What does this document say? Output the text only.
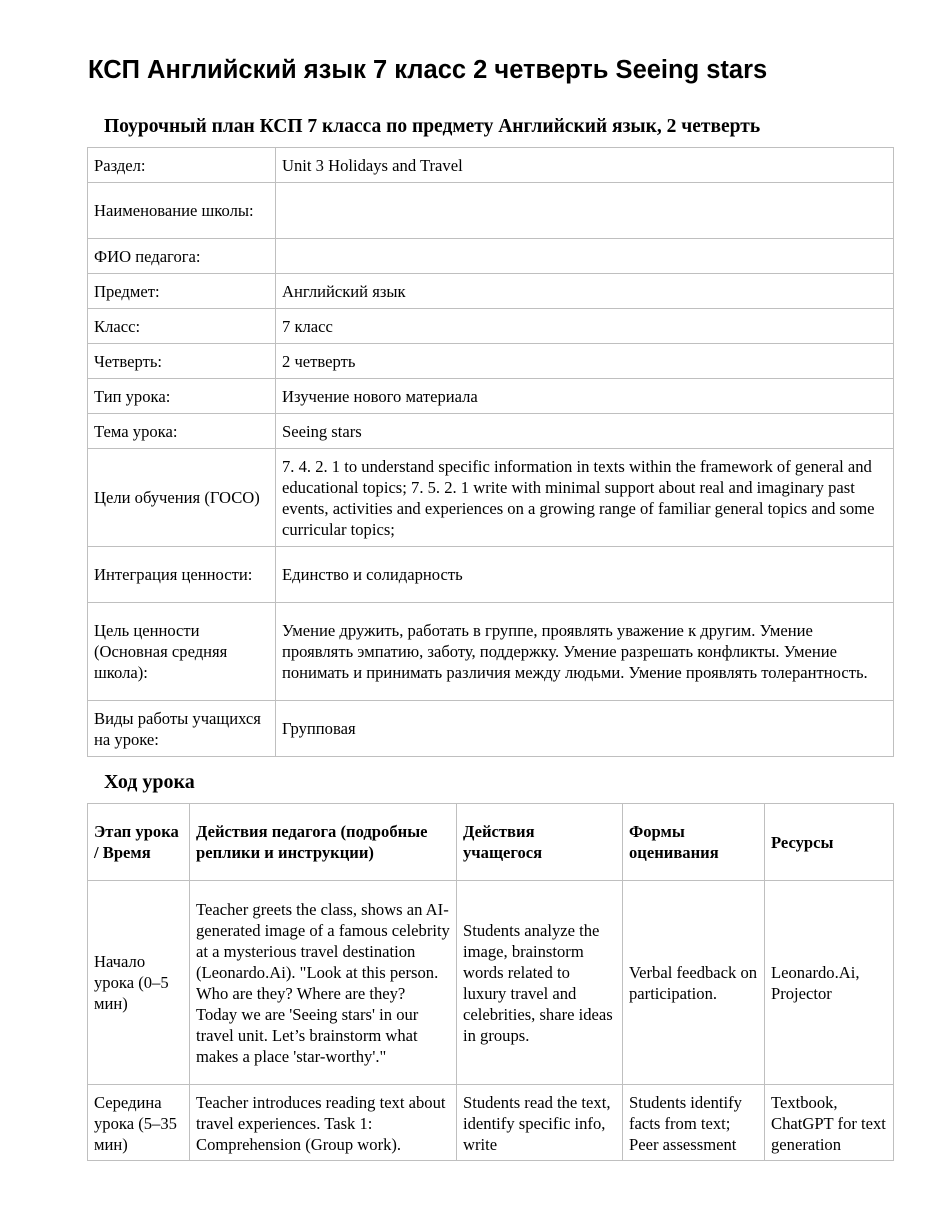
КСП Английский язык 7 класс 2 четверть Seeing stars

Поурочный план КСП 7 класса по предмету Английский язык, 2 четверть

Раздел:	Unit 3 Holidays and Travel
Наименование школы:	
ФИО педагога:	
Предмет:	Английский язык
Класс:	7 класс
Четверть:	2 четверть
Тип урока:	Изучение нового материала
Тема урока:	Seeing stars
Цели обучения (ГОСО)	7. 4. 2. 1 to understand specific information in texts within the framework of general and educational topics; 7. 5. 2. 1 write with minimal support about real and imaginary past events, activities and experiences on a growing range of familiar general topics and some curricular topics;
Интеграция ценности:	Единство и солидарность
Цель ценности (Основная средняя школа):	Умение дружить, работать в группе, проявлять уважение к другим. Умение проявлять эмпатию, заботу, поддержку. Умение разрешать конфликты. Умение понимать и принимать различия между людьми. Умение проявлять толерантность.
Виды работы учащихся на уроке:	Групповая

Ход урока

Этап урока / Время	Действия педагога (подробные реплики и инструкции)	Действия учащегося	Формы оценивания	Ресурсы
Начало урока (0–5 мин)	Teacher greets the class, shows an AI-generated image of a famous celebrity at a mysterious travel destination (Leonardo.Ai). "Look at this person. Who are they? Where are they? Today we are 'Seeing stars' in our travel unit. Let’s brainstorm what makes a place 'star-worthy'."	Students analyze the image, brainstorm words related to luxury travel and celebrities, share ideas in groups.	Verbal feedback on participation.	Leonardo.Ai, Projector

Середина урока (5–35 мин)	Teacher introduces reading text about travel experiences. Task 1: Comprehension (Group work).	Students read the text, identify specific info, write	Students identify facts from text; Peer assessment	Textbook, ChatGPT for text generation
